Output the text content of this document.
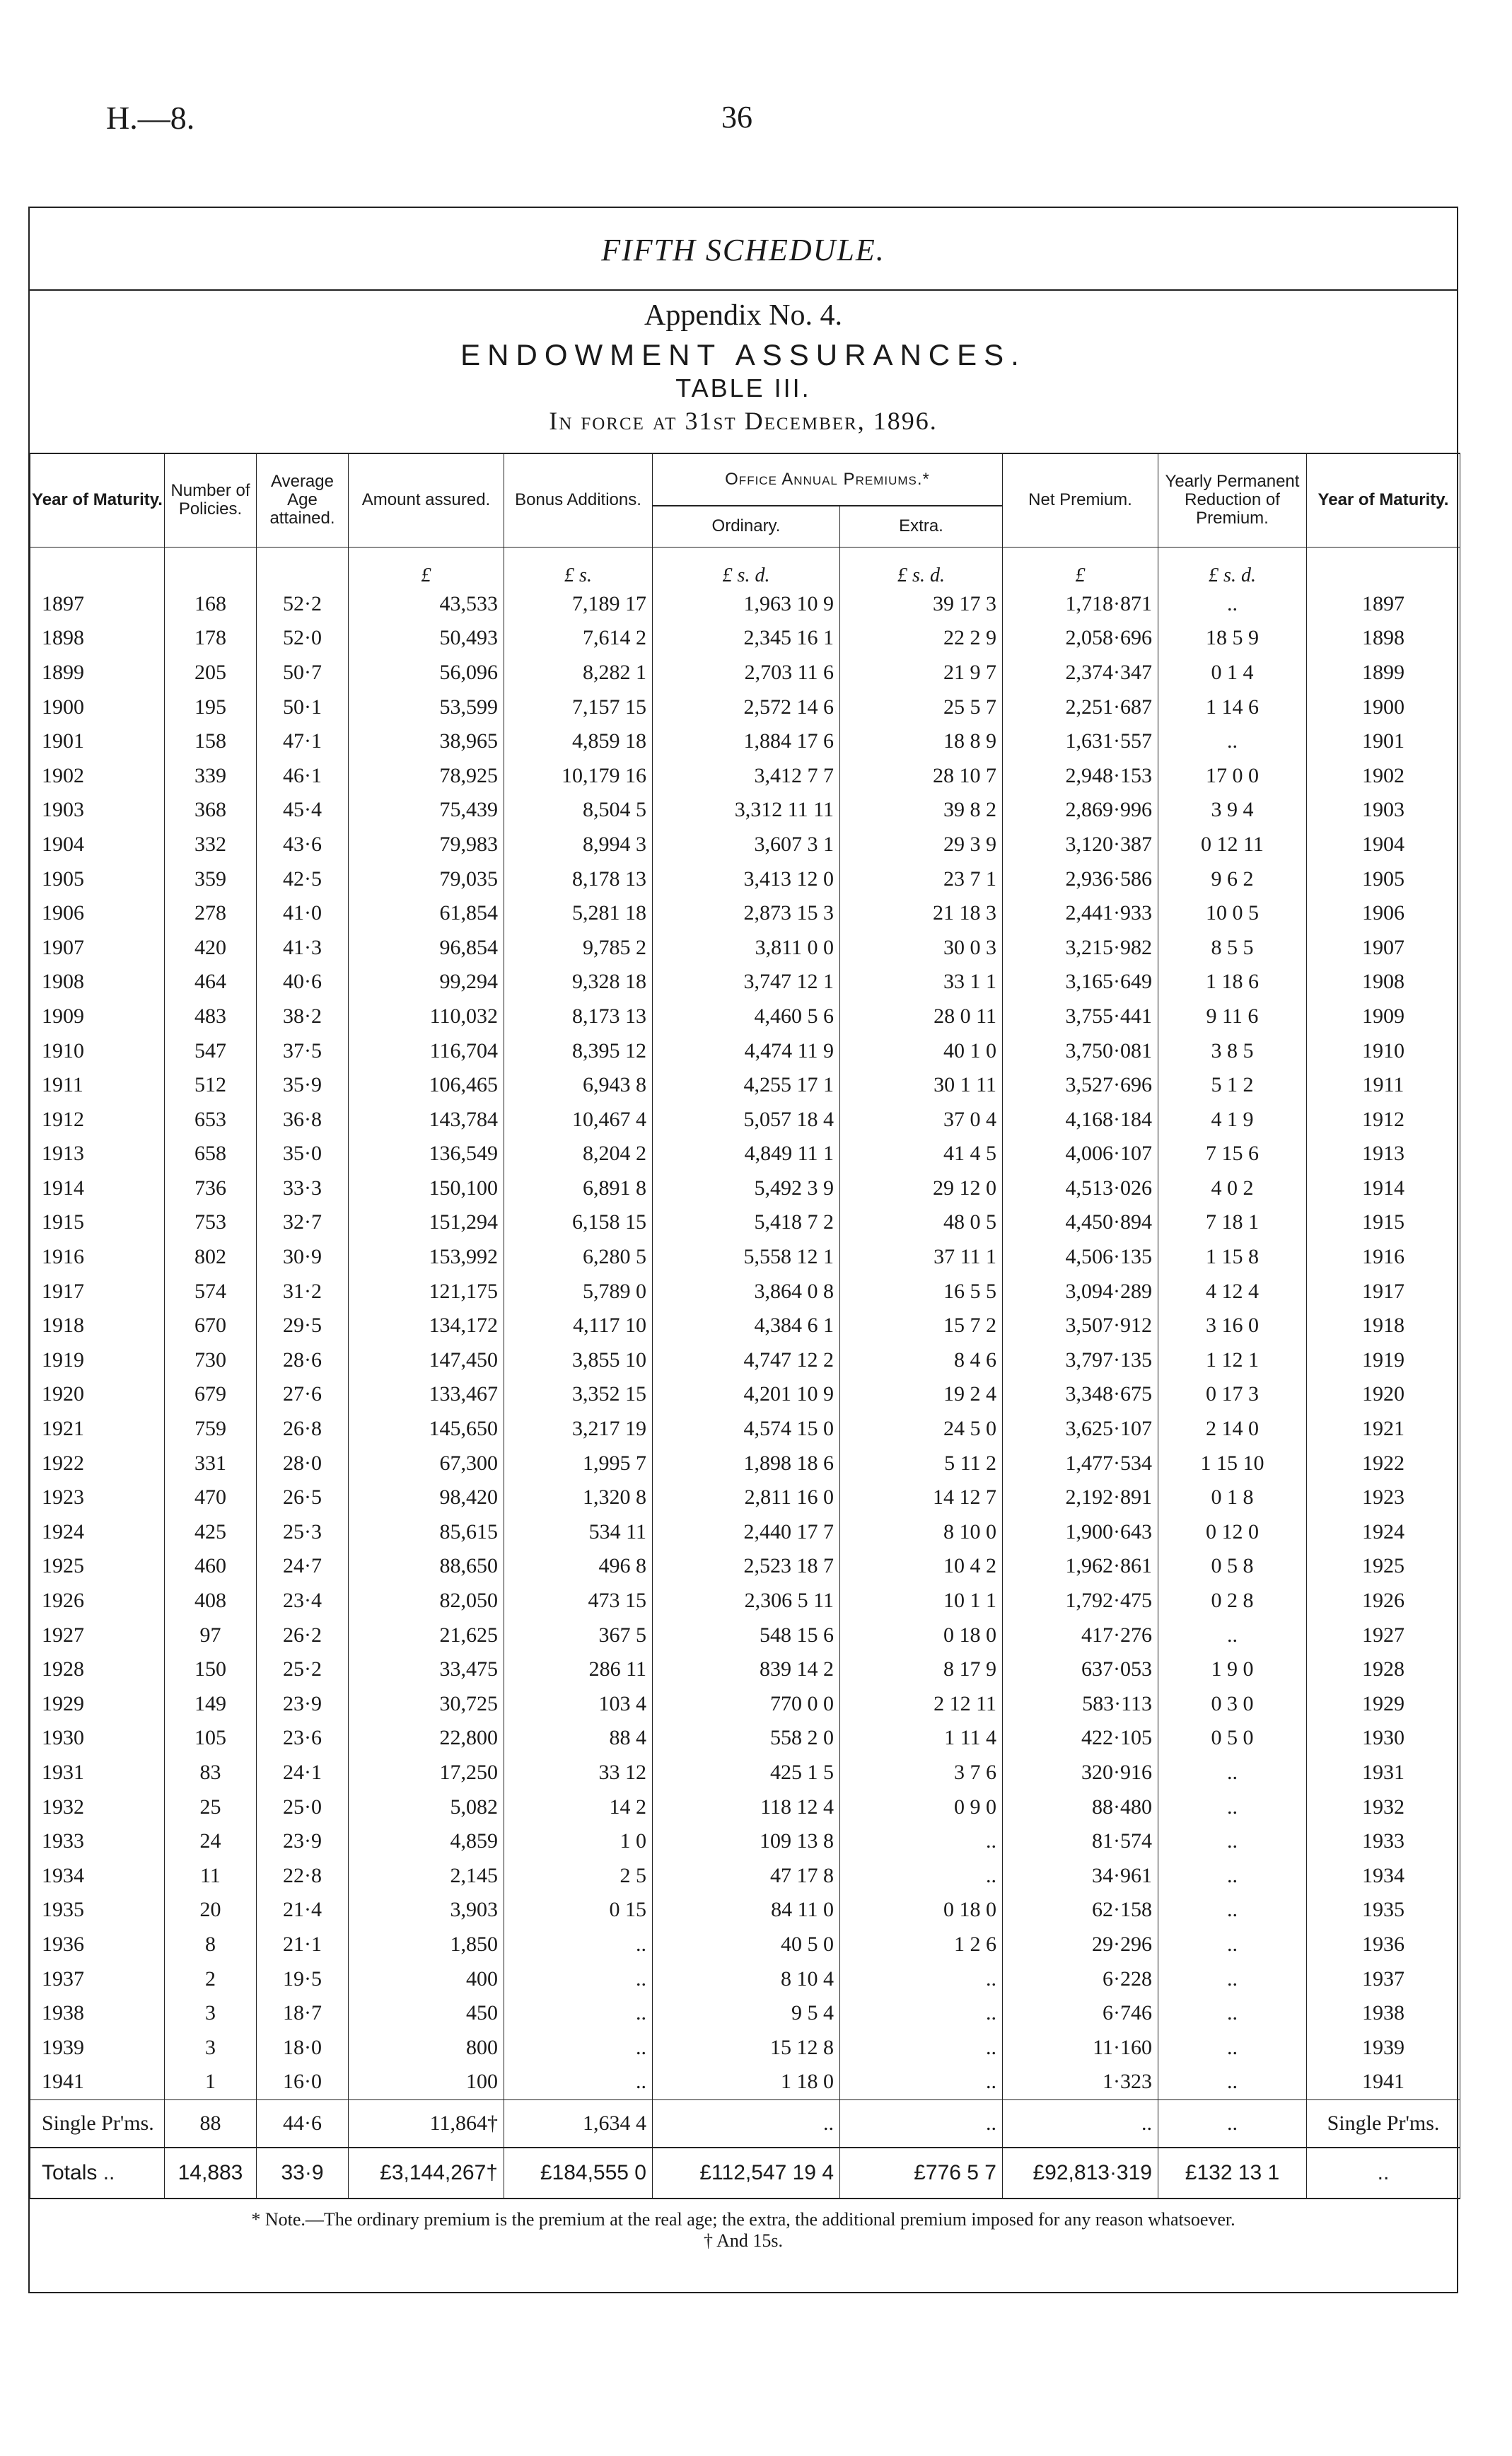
H.—8.	36
FIFTH SCHEDULE.
Appendix No. 4.
ENDOWMENT ASSURANCES.
TABLE III.
In force at 31st December, 1896.
Year of Maturity.	Number of Policies.	Average Age attained.	Amount assured.	Bonus Additions.	Office Annual Premiums.*		Net Premium.	Yearly Permanent Reduction of Premium.	Year of Maturity.
					Ordinary.	Extra.			
			£	£ s.	£ s. d.	£ s. d.	£	£ s. d.	
1897	168	52·2	43,533	7,189 17	1,963 10 9	39 17 3	1,718·871	..	1897
1898	178	52·0	50,493	7,614 2	2,345 16 1	22 2 9	2,058·696	18 5 9	1898
1899	205	50·7	56,096	8,282 1	2,703 11 6	21 9 7	2,374·347	0 1 4	1899
1900	195	50·1	53,599	7,157 15	2,572 14 6	25 5 7	2,251·687	1 14 6	1900
1901	158	47·1	38,965	4,859 18	1,884 17 6	18 8 9	1,631·557	..	1901
1902	339	46·1	78,925	10,179 16	3,412 7 7	28 10 7	2,948·153	17 0 0	1902
1903	368	45·4	75,439	8,504 5	3,312 11 11	39 8 2	2,869·996	3 9 4	1903
1904	332	43·6	79,983	8,994 3	3,607 3 1	29 3 9	3,120·387	0 12 11	1904
1905	359	42·5	79,035	8,178 13	3,413 12 0	23 7 1	2,936·586	9 6 2	1905
1906	278	41·0	61,854	5,281 18	2,873 15 3	21 18 3	2,441·933	10 0 5	1906
1907	420	41·3	96,854	9,785 2	3,811 0 0	30 0 3	3,215·982	8 5 5	1907
1908	464	40·6	99,294	9,328 18	3,747 12 1	33 1 1	3,165·649	1 18 6	1908
1909	483	38·2	110,032	8,173 13	4,460 5 6	28 0 11	3,755·441	9 11 6	1909
1910	547	37·5	116,704	8,395 12	4,474 11 9	40 1 0	3,750·081	3 8 5	1910
1911	512	35·9	106,465	6,943 8	4,255 17 1	30 1 11	3,527·696	5 1 2	1911
1912	653	36·8	143,784	10,467 4	5,057 18 4	37 0 4	4,168·184	4 1 9	1912
1913	658	35·0	136,549	8,204 2	4,849 11 1	41 4 5	4,006·107	7 15 6	1913
1914	736	33·3	150,100	6,891 8	5,492 3 9	29 12 0	4,513·026	4 0 2	1914
1915	753	32·7	151,294	6,158 15	5,418 7 2	48 0 5	4,450·894	7 18 1	1915
1916	802	30·9	153,992	6,280 5	5,558 12 1	37 11 1	4,506·135	1 15 8	1916
1917	574	31·2	121,175	5,789 0	3,864 0 8	16 5 5	3,094·289	4 12 4	1917
1918	670	29·5	134,172	4,117 10	4,384 6 1	15 7 2	3,507·912	3 16 0	1918
1919	730	28·6	147,450	3,855 10	4,747 12 2	8 4 6	3,797·135	1 12 1	1919
1920	679	27·6	133,467	3,352 15	4,201 10 9	19 2 4	3,348·675	0 17 3	1920
1921	759	26·8	145,650	3,217 19	4,574 15 0	24 5 0	3,625·107	2 14 0	1921
1922	331	28·0	67,300	1,995 7	1,898 18 6	5 11 2	1,477·534	1 15 10	1922
1923	470	26·5	98,420	1,320 8	2,811 16 0	14 12 7	2,192·891	0 1 8	1923
1924	425	25·3	85,615	534 11	2,440 17 7	8 10 0	1,900·643	0 12 0	1924
1925	460	24·7	88,650	496 8	2,523 18 7	10 4 2	1,962·861	0 5 8	1925
1926	408	23·4	82,050	473 15	2,306 5 11	10 1 1	1,792·475	0 2 8	1926
1927	97	26·2	21,625	367 5	548 15 6	0 18 0	417·276	..	1927
1928	150	25·2	33,475	286 11	839 14 2	8 17 9	637·053	1 9 0	1928
1929	149	23·9	30,725	103 4	770 0 0	2 12 11	583·113	0 3 0	1929
1930	105	23·6	22,800	88 4	558 2 0	1 11 4	422·105	0 5 0	1930
1931	83	24·1	17,250	33 12	425 1 5	3 7 6	320·916	..	1931
1932	25	25·0	5,082	14 2	118 12 4	0 9 0	88·480	..	1932
1933	24	23·9	4,859	1 0	109 13 8	..	81·574	..	1933
1934	11	22·8	2,145	2 5	47 17 8	..	34·961	..	1934
1935	20	21·4	3,903	0 15	84 11 0	0 18 0	62·158	..	1935
1936	8	21·1	1,850	..	40 5 0	1 2 6	29·296	..	1936
1937	2	19·5	400	..	8 10 4	..	6·228	..	1937
1938	3	18·7	450	..	9 5 4	..	6·746	..	1938
1939	3	18·0	800	..	15 12 8	..	11·160	..	1939
1941	1	16·0	100	..	1 18 0	..	1·323	..	1941
Single Pr'ms.	88	44·6	11,864†	1,634 4	..	..	..	..	Single Pr'ms.
Totals ..	14,883	33·9	£3,144,267†	£184,555 0	£112,547 19 4	£776 5 7	£92,813·319	£132 13 1	..
* Note.—The ordinary premium is the premium at the real age; the extra, the additional premium imposed for any reason whatsoever.
† And 15s.
